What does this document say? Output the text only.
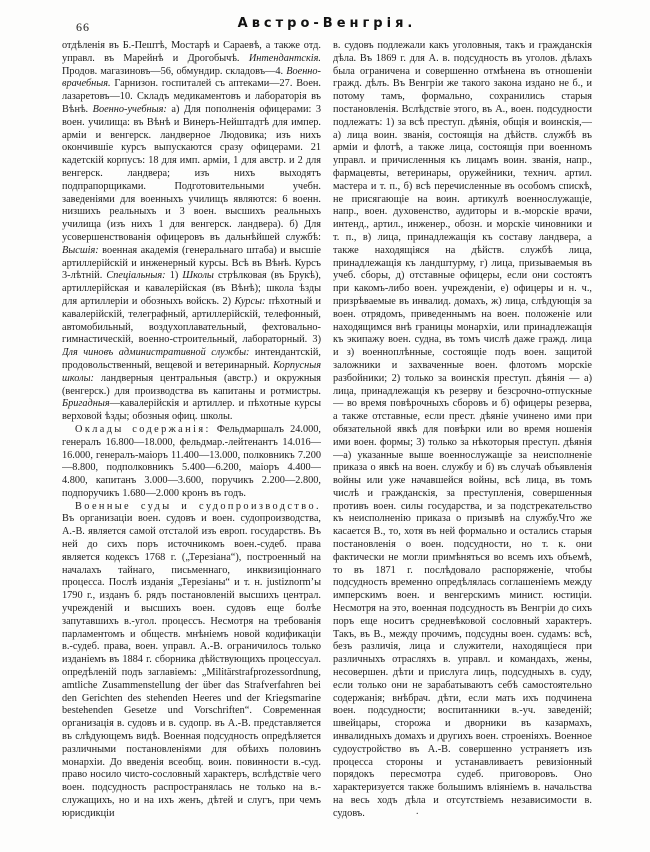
66	Австро-Венгрія.

отдѣленія въ Б.-Пештѣ, Мостарѣ и Сараевѣ, а также отд. управл. въ Марейнѣ и Дрогобычѣ. Интендантскія. Продов. магазиновъ—56, обмундир. складовъ—4. Военно-врачебныя. Гарнизон. госпиталей съ аптеками—27. Воен. лазаретовъ—10. Складъ медикаментовъ и лабораторія въ Вѣнѣ. Военно-учебныя: а) Для пополненія офицерами: 3 воен. училища: въ Вѣнѣ и Винеръ-Нейштадтѣ для импер. арміи и венгерск. ландверное Людовика; изъ нихъ окончившіе курсъ выпускаются сразу офицерами. 21 кадетскій корпусъ: 18 для имп. арміи, 1 для австр. и 2 для венгерск. ландвера; изъ нихъ выходятъ подпрапорщиками. Подготовительными учебн. заведеніями для военныхъ училищъ являются: 6 военн. низшихъ реальныхъ и 3 воен. высшихъ реальныхъ училища (изъ нихъ 1 для венгерск. ландвера). б) Для усовершенствованія офицеровъ въ дальнѣйшей службѣ: Высшія: военная академія (генеральнаго штаба) и высшіе артиллерійскій и инженерный курсы. Всѣ въ Вѣнѣ. Курсъ 3-лѣтній. Спеціальныя: 1) Школы стрѣлковая (въ Брукѣ), артиллерійская и кавалерійская (въ Вѣнѣ); школа ѣзды для артиллеріи и обозныхъ войскъ. 2) Курсы: пѣхотный и кавалерійскій, телеграфный, артиллерійскій, телефонный, автомобильный, воздухоплавательный, фехтовально-гимнастическій, военно-строительный, лабораторный. 3) Для чиновъ административной службы: интендантскій, продовольственный, вещевой и ветеринарный. Корпусныя школы: ландверныя центральныя (австр.) и окружныя (венгерск.) для производства въ капитаны и ротмистры. Бригадныя—кавалерійскія и артиллер. и пѣхотные курсы верховой ѣзды; обозныя офиц. школы.

Оклады содержанія: Фельдмаршалъ 24.000, генералъ 16.800—18.000, фельдмар.-лейтенантъ 14.016—16.000, генералъ-маіоръ 11.400—13.000, полковникъ 7.200—8.800, подполковникъ 5.400—6.200, маіоръ 4.400—4.800, капитанъ 3.000—3.600, поручикъ 2.200—2.800, подпоручикъ 1.680—2.000 кронъ въ годъ.

Военные суды и судопроизводство. Въ организаціи воен. судовъ и воен. судопроизводства, А.-В. является самой отсталой изъ европ. государствъ. Въ ней до сихъ поръ источникомъ воен.-судеб. права является кодексъ 1768 г. („Терезіана“), построенный на началахъ тайнаго, письменнаго, инквизиціоннаго процесса. Послѣ изданія „Терезіаны“ и т. н. justiznorm’ы 1790 г., изданъ б. рядъ постановленій высшихъ централ. учрежденій и высшихъ воен. судовъ еще болѣе запутавшихъ в.-угол. процессъ. Несмотря на требованія парламентомъ и обществ. мнѣніемъ новой кодификаціи в.-судеб. права, воен. управл. А.-В. ограничилось только изданіемъ въ 1884 г. сборника дѣйствующихъ процессуал. опредѣленій подъ заглавіемъ: „Militärstrafprozessordnung, amtliche Zusammenstellung der über das Strafverfahren bei den Gerichten des stehenden Heeres und der Kriegsmarine bestehenden Gesetze und Vorschriften“. Современная организація в. судовъ и в. судопр. въ А.-В. представляется въ слѣдующемъ видѣ. Военная подсудность опредѣляется различными постановленіями для обѣихъ половинъ монархіи. До введенія всеобщ. воин. повинности в.-суд. право носило чисто-сословный характеръ, вслѣдствіе чего воен. подсудность распространялась не только на в.-служащихъ, но и на ихъ женъ, дѣтей и слугъ, при чемъ юрисдикціи

в. судовъ подлежали какъ уголовныя, такъ и гражданскія дѣла. Въ 1869 г. для А. в. подсудность въ уголов. дѣлахъ была ограничена и совершенно отмѣнена въ отношеніи гражд. дѣлъ. Въ Венгріи же такого закона издано не б., и потому тамъ, формально, сохранились старыя постановленія. Вслѣдствіе этого, въ А., воен. подсудности подлежатъ: 1) за всѣ преступ. дѣянія, общія и воинскія,—а) лица воин. званія, состоящія на дѣйств. службѣ въ арміи и флотѣ, а также лица, состоящія при военномъ управл. и причисленныя къ лицамъ воин. званія, напр., фармацевты, ветеринары, оружейники, технич. артил. мастера и т. п., б) всѣ перечисленные въ особомъ спискѣ, не присягающіе на воин. артикулѣ военнослужащіе, напр., воен. духовенство, аудиторы и в.-морскіе врачи, интенд., артил., инженер., обозн. и морскіе чиновники и т. п., в) лица, принадлежащія къ составу ландвера, а также находящіяся на дѣйств. службѣ лица, принадлежащія къ ландштурму, г) лица, призываемыя въ учеб. сборы, д) отставные офицеры, если они состоятъ при какомъ-либо воен. учрежденіи, е) офицеры и н. ч., призрѣваемые въ инвалид. домахъ, ж) лица, слѣдующія за воен. отрядомъ, приведеннымъ на воен. положеніе или находящимся внѣ границы монархіи, или принадлежащія къ экипажу воен. судна, въ томъ числѣ даже гражд. лица и з) военноплѣнные, состоящіе подъ воен. защитой заложники и захваченные воен. флотомъ морскіе разбойники; 2) только за воинскія преступ. дѣянія — а) лица, принадлежащія къ резерву и безсрочно-отпускные — во время повѣрочныхъ сборовъ и б) офицеры резерва, а также отставные, если прест. дѣяніе учинено ими при обязательной явкѣ для повѣрки или во время ношенія ими воен. формы; 3) только за нѣкоторыя преступ. дѣянія—а) указанные выше военнослужащіе за неисполненіе приказа о явкѣ на воен. службу и б) въ случаѣ объявленія войны или уже начавшейся войны, всѣ лица, въ томъ числѣ и гражданскія, за преступленія, совершенныя противъ воен. силы государства, и за подстрекательство къ неисполненію приказа о призывѣ на службу.Что же касается В., то, хотя въ ней формально и остались старыя постановленія о воен. подсудности, но т. к. они фактически не могли примѣняться во всемъ ихъ объемѣ, то въ 1871 г. послѣдовало распоряженіе, чтобы подсудность временно опредѣлялась соглашеніемъ между имперскимъ воен. и венгерскимъ минист. юстиціи. Несмотря на это, военная подсудность въ Венгріи до сихъ поръ еще носитъ средневѣковой сословный характеръ. Такъ, въ В., между прочимъ, подсудны воен. судамъ: всѣ, безъ различія, лица и служители, находящіеся при различныхъ отрасляхъ в. управл. и командахъ, жены, несовершен. дѣти и прислуга лицъ, подсудныхъ в. суду, если только они не зарабатываютъ себѣ самостоятельно содержанія; внѣбрач. дѣти, если мать ихъ подчинена воен. подсудности; воспитанники в.-уч. заведеній; швейцары, сторожа и дворники въ казармахъ, инвалидныхъ домахъ и другихъ воен. строеніяхъ. Военное судоустройство въ А.-В. совершенно устраняетъ изъ процесса стороны и устанавливаетъ ревизіонный порядокъ пересмотра судеб. приговоровъ. Оно характеризуется также большимъ вліяніемъ в. начальства на весь ходъ дѣла и отсутствіемъ независимости в. судовъ.	.
